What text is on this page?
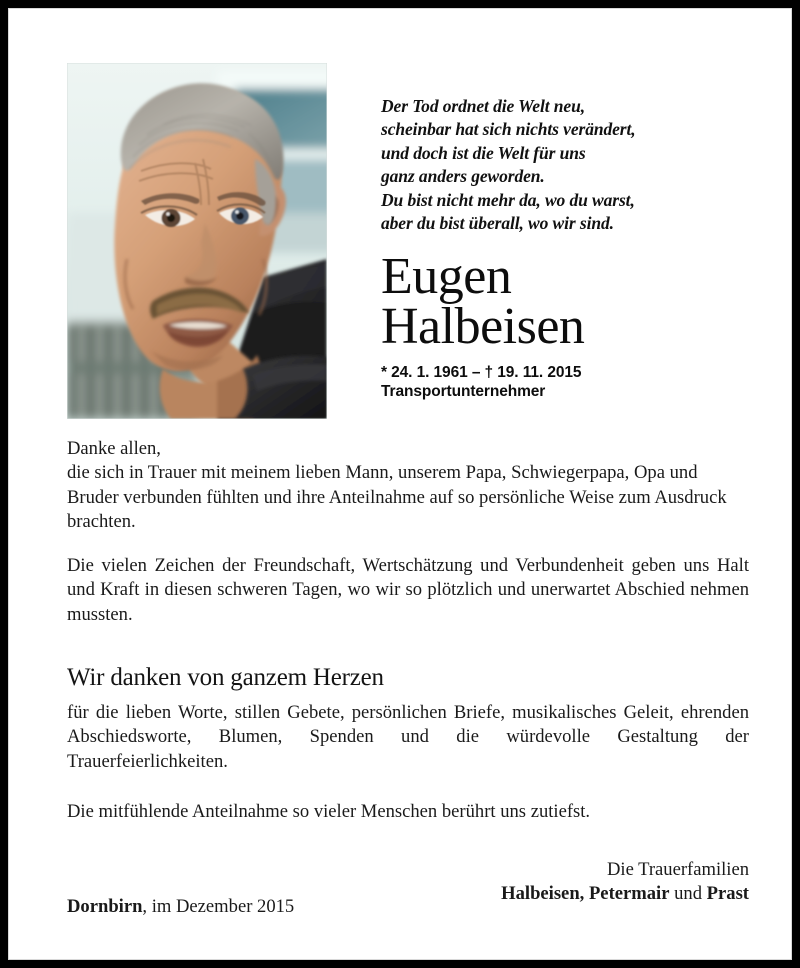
Der Tod ordnet die Welt neu,
scheinbar hat sich nichts verändert,
und doch ist die Welt für uns
ganz anders geworden.
Du bist nicht mehr da, wo du warst,
aber du bist überall, wo wir sind.
Eugen
Halbeisen
* 24. 1. 1961 – † 19. 11. 2015
Transportunternehmer

Danke allen,

die sich in Trauer mit meinem lieben Mann, unserem Papa, Schwiegerpapa, Opa und Bruder verbunden fühlten und ihre Anteilnahme auf so persönliche Weise zum Ausdruck brachten.

Die vielen Zeichen der Freundschaft, Wertschätzung und Verbundenheit geben uns Halt und Kraft in diesen schweren Tagen, wo wir so plötzlich und unerwartet Abschied nehmen mussten.

Wir danken von ganzem Herzen

für die lieben Worte, stillen Gebete, persönlichen Briefe, musikalisches Geleit, ehrenden Abschiedsworte, Blumen, Spenden und die würdevolle Gestaltung der Trauerfeierlichkeiten.

Die mitfühlende Anteilnahme so vieler Menschen berührt uns zutiefst.

Die Trauerfamilien
Halbeisen, Petermair und Prast
Dornbirn, im Dezember 2015
